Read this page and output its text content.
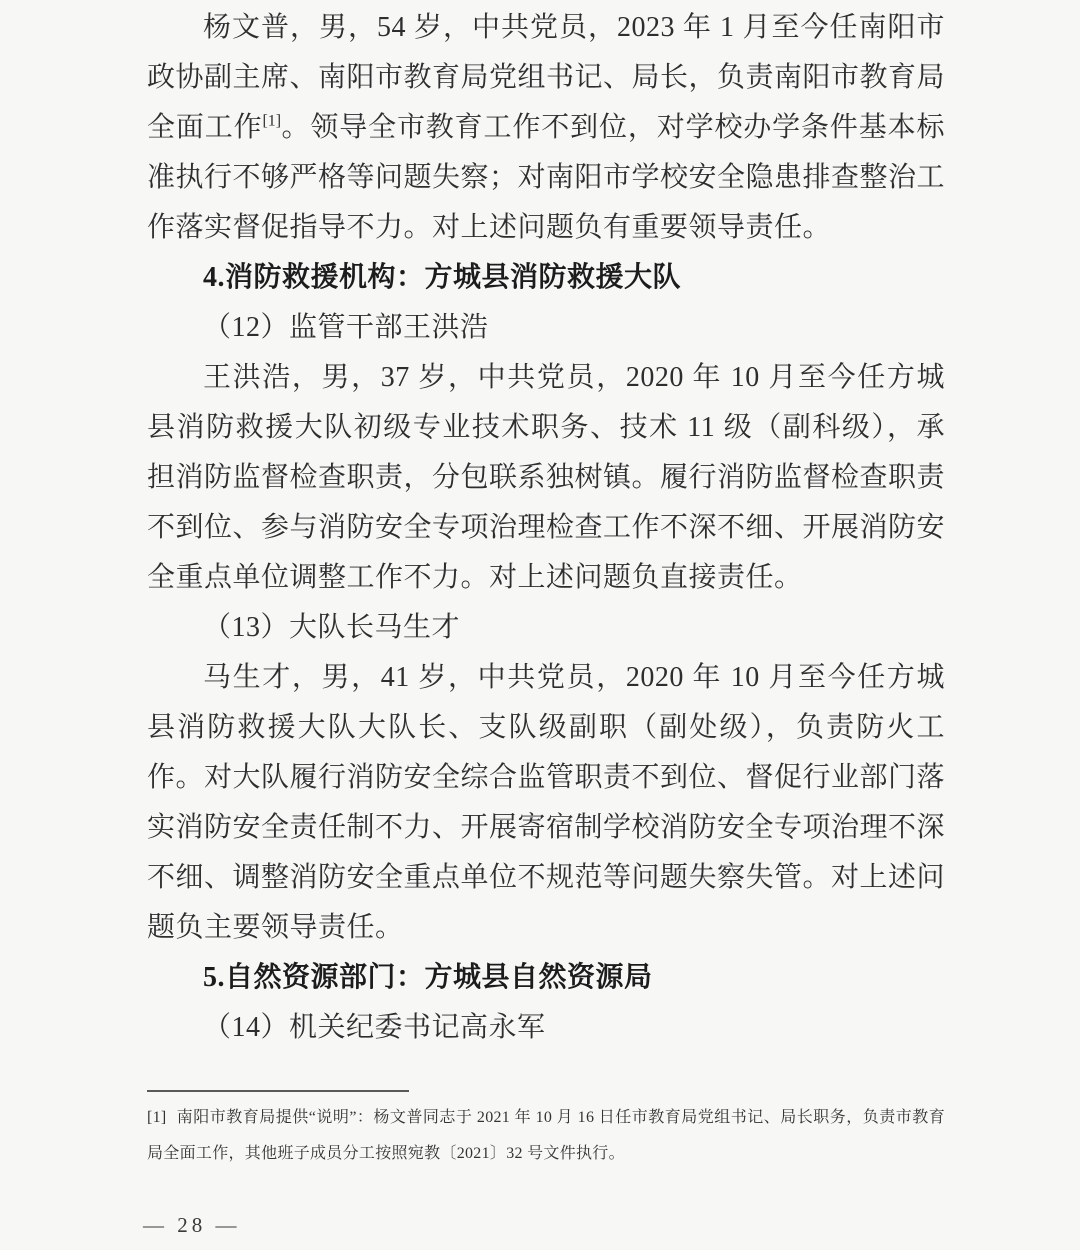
杨文普，男，54 岁，中共党员，2023 年 1 月至今任南阳市政协副主席、南阳市教育局党组书记、局长，负责南阳市教育局全面工作[1]。领导全市教育工作不到位，对学校办学条件基本标准执行不够严格等问题失察；对南阳市学校安全隐患排查整治工作落实督促指导不力。对上述问题负有重要领导责任。

4.消防救援机构：方城县消防救援大队

（12）监管干部王洪浩

王洪浩，男，37 岁，中共党员，2020 年 10 月至今任方城县消防救援大队初级专业技术职务、技术 11 级（副科级），承担消防监督检查职责，分包联系独树镇。履行消防监督检查职责不到位、参与消防安全专项治理检查工作不深不细、开展消防安全重点单位调整工作不力。对上述问题负直接责任。

（13）大队长马生才

马生才，男，41 岁，中共党员，2020 年 10 月至今任方城县消防救援大队大队长、支队级副职（副处级），负责防火工作。对大队履行消防安全综合监管职责不到位、督促行业部门落实消防安全责任制不力、开展寄宿制学校消防安全专项治理不深不细、调整消防安全重点单位不规范等问题失察失管。对上述问题负主要领导责任。

5.自然资源部门：方城县自然资源局

（14）机关纪委书记高永军

[1] 南阳市教育局提供“说明”：杨文普同志于 2021 年 10 月 16 日任市教育局党组书记、局长职务，负责市教育局全面工作，其他班子成员分工按照宛教〔2021〕32 号文件执行。

— 28 —
